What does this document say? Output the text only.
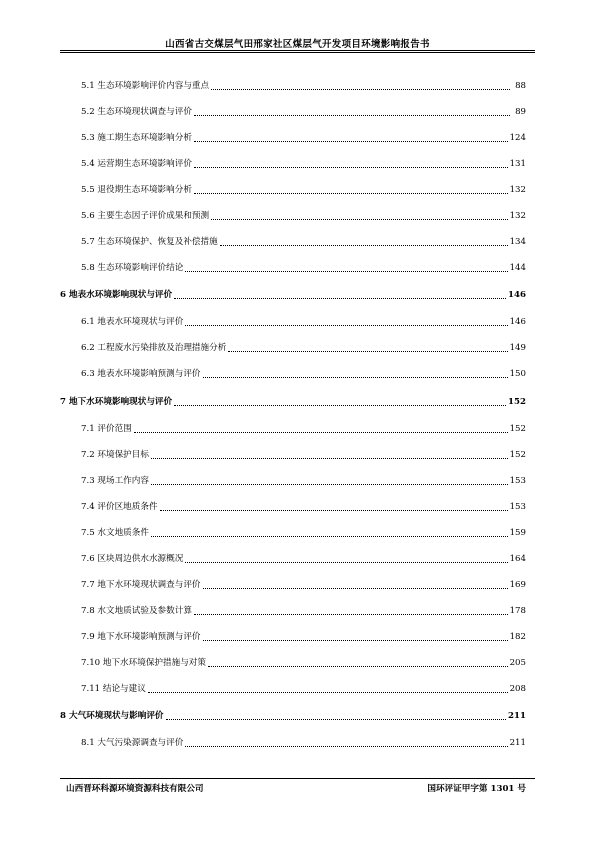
山西省古交煤层气田邢家社区煤层气开发项目环境影响报告书
5.1 生态环境影响评价内容与重点	88
5.2 生态环境现状调查与评价	89
5.3 施工期生态环境影响分析	124
5.4 运营期生态环境影响评价	131
5.5 退役期生态环境影响分析	132
5.6 主要生态因子评价成果和预测	132
5.7 生态环境保护、恢复及补偿措施	134
5.8 生态环境影响评价结论	144
6 地表水环境影响现状与评价	146
6.1 地表水环境现状与评价	146
6.2 工程废水污染排放及治理措施分析	149
6.3 地表水环境影响预测与评价	150
7 地下水环境影响现状与评价	152
7.1 评价范围	152
7.2 环境保护目标	152
7.3 现场工作内容	153
7.4 评价区地质条件	153
7.5 水文地质条件	159
7.6 区块周边供水水源概况	164
7.7 地下水环境现状调查与评价	169
7.8 水文地质试验及参数计算	178
7.9 地下水环境影响预测与评价	182
7.10 地下水环境保护措施与对策	205
7.11 结论与建议	208
8 大气环境现状与影响评价	211
8.1 大气污染源调查与评价	211
山西晋环科源环境资源科技有限公司	国环评证甲字第 1301 号
